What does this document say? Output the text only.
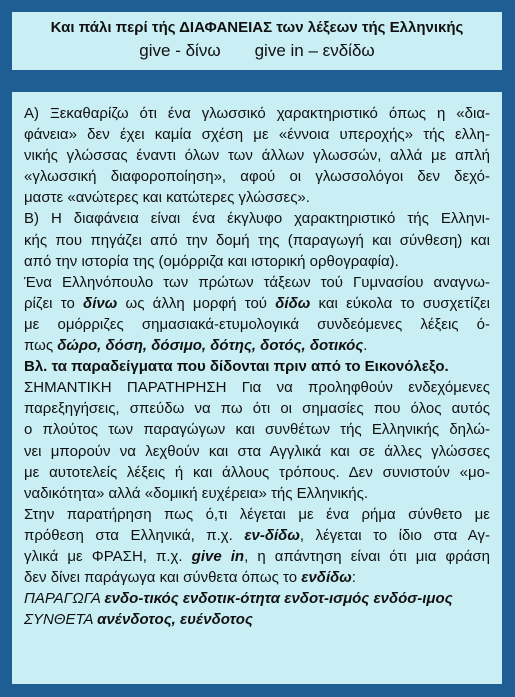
Και πάλι περί τής ΔΙΑΦΑΝΕΙΑΣ των λέξεων τής Ελληνικής
give - δίνω give in – ενδίδω
Α) Ξεκαθαρίζω ότι ένα γλωσσικό χαρακτηριστικό όπως η «δια-
φάνεια» δεν έχει καμία σχέση με «έννοια υπεροχής» τής ελλη-
νικής γλώσσας έναντι όλων των άλλων γλωσσών, αλλά με απλή
«γλωσσική διαφοροποίηση», αφού οι γλωσσολόγοι δεν δεχό-
μαστε «ανώτερες και κατώτερες γλώσσες».
Β) Η διαφάνεια είναι ένα έκγλυφο χαρακτηριστικό τής Ελληνι-
κής που πηγάζει από την δομή της (παραγωγή και σύνθεση) και
από την ιστορία της (ομόρριζα και ιστορική ορθογραφία).
Ένα Ελληνόπουλο των πρώτων τάξεων τού Γυμνασίου αναγνω-
ρίζει το δίνω ως άλλη μορφή τού δίδω και εύκολα το συσχετίζει
με ομόρριζες σημασιακά-ετυμολογικά συνδεόμενες λέξεις ό-
πως δώρο, δόση, δόσιμο, δότης, δοτός, δοτικός.
Βλ. τα παραδείγματα που δίδονται πριν από το Εικονόλεξο.
ΣΗΜΑΝΤΙΚΗ ΠΑΡΑΤΗΡΗΣΗ Για να προληφθούν ενδεχόμενες
παρεξηγήσεις, σπεύδω να πω ότι οι σημασίες που όλος αυτός
ο πλούτος των παραγώγων και συνθέτων τής Ελληνικής δηλώ-
νει μπορούν να λεχθούν και στα Αγγλικά και σε άλλες γλώσσες
με αυτοτελείς λέξεις ή και άλλους τρόπους. Δεν συνιστούν «μο-
ναδικότητα» αλλά «δομική ευχέρεια» τής Ελληνικής.
Στην παρατήρηση πως ό,τι λέγεται με ένα ρήμα σύνθετο με
πρόθεση στα Ελληνικά, π.χ. εν-δίδω, λέγεται το ίδιο στα Αγ-
γλικά με ΦΡΑΣΗ, π.χ. give in, η απάντηση είναι ότι μια φράση
δεν δίνει παράγωγα και σύνθετα όπως το ενδίδω:
ΠΑΡΑΓΩΓΑ ενδο-τικός ενδοτικ-ότητα ενδοτ-ισμός ενδόσ-ιμος
ΣΥΝΘΕΤΑ ανένδοτος, ευένδοτος
